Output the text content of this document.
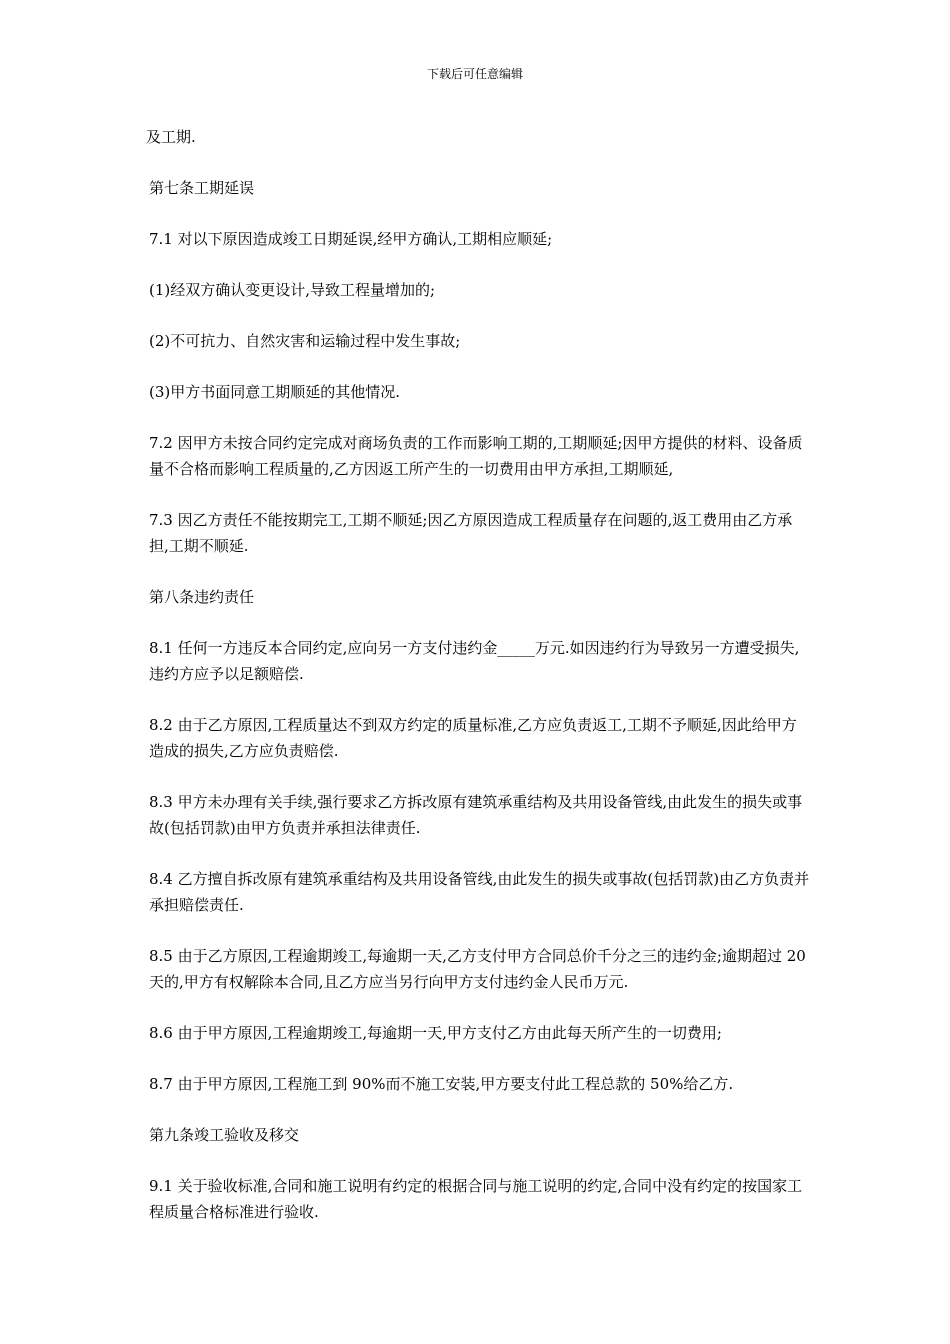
下载后可任意编辑

及工期.

第七条工期延误

7.1 对以下原因造成竣工日期延误,经甲方确认,工期相应顺延;

(1)经双方确认变更设计,导致工程量增加的;

(2)不可抗力、自然灾害和运输过程中发生事故;

(3)甲方书面同意工期顺延的其他情况.

7.2 因甲方未按合同约定完成对商场负责的工作而影响工期的,工期顺延;因甲方提供的材料、设备质量不合格而影响工程质量的,乙方因返工所产生的一切费用由甲方承担,工期顺延,

7.3 因乙方责任不能按期完工,工期不顺延;因乙方原因造成工程质量存在问题的,返工费用由乙方承担,工期不顺延.

第八条违约责任

8.1 任何一方违反本合同约定,应向另一方支付违约金_____万元.如因违约行为导致另一方遭受损失,违约方应予以足额赔偿.

8.2 由于乙方原因,工程质量达不到双方约定的质量标准,乙方应负责返工,工期不予顺延,因此给甲方造成的损失,乙方应负责赔偿.

8.3 甲方未办理有关手续,强行要求乙方拆改原有建筑承重结构及共用设备管线,由此发生的损失或事故(包括罚款)由甲方负责并承担法律责任.

8.4 乙方擅自拆改原有建筑承重结构及共用设备管线,由此发生的损失或事故(包括罚款)由乙方负责并承担赔偿责任.

8.5 由于乙方原因,工程逾期竣工,每逾期一天,乙方支付甲方合同总价千分之三的违约金;逾期超过 20 天的,甲方有权解除本合同,且乙方应当另行向甲方支付违约金人民币万元.

8.6 由于甲方原因,工程逾期竣工,每逾期一天,甲方支付乙方由此每天所产生的一切费用;

8.7 由于甲方原因,工程施工到 90%而不施工安装,甲方要支付此工程总款的 50%给乙方.

第九条竣工验收及移交

9.1 关于验收标准,合同和施工说明有约定的根据合同与施工说明的约定,合同中没有约定的按国家工程质量合格标准进行验收.
